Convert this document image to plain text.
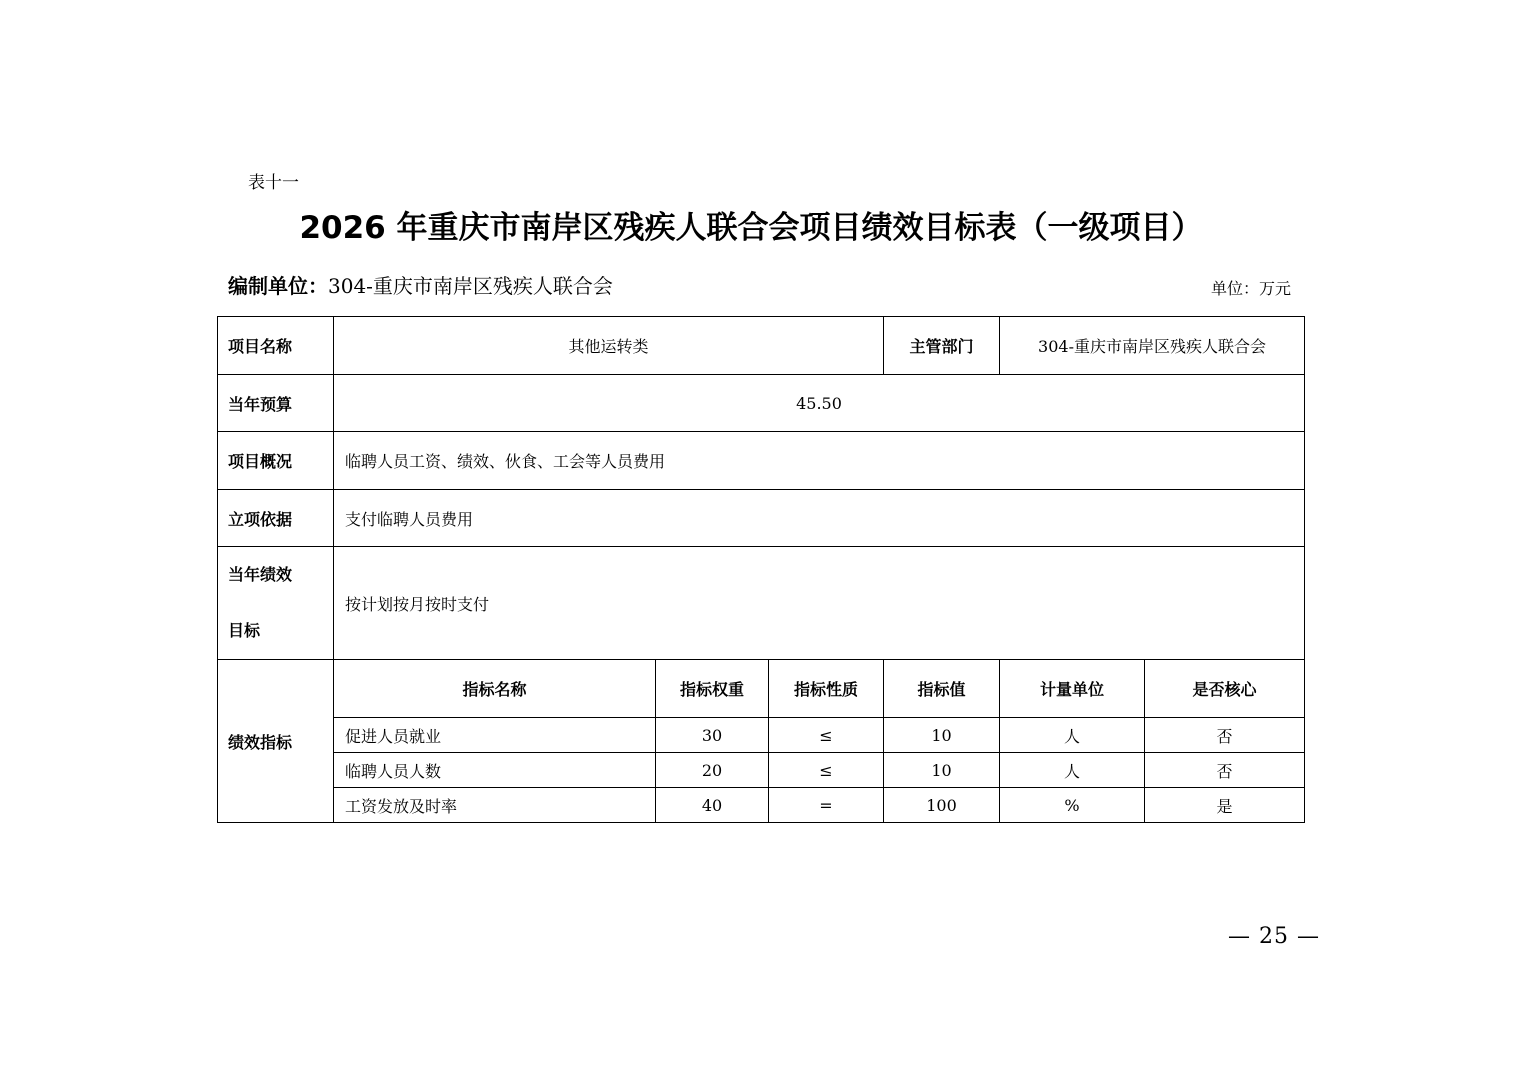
表十一
2026 年重庆市南岸区残疾人联合会项目绩效目标表（一级项目）
编制单位：304-重庆市南岸区残疾人联合会	单位：万元
项目名称	其他运转类			主管部门	304-重庆市南岸区残疾人联合会	
当年预算	45.50					
项目概况	临聘人员工资、绩效、伙食、工会等人员费用					
立项依据	支付临聘人员费用					
当年绩效
目标	按计划按月按时支付					
绩效指标	指标名称	指标权重	指标性质	指标值	计量单位	是否核心
	促进人员就业	30	≤	10	人	否
	临聘人员人数	20	≤	10	人	否
	工资发放及时率	40	=	100	%	是
— 25 —
